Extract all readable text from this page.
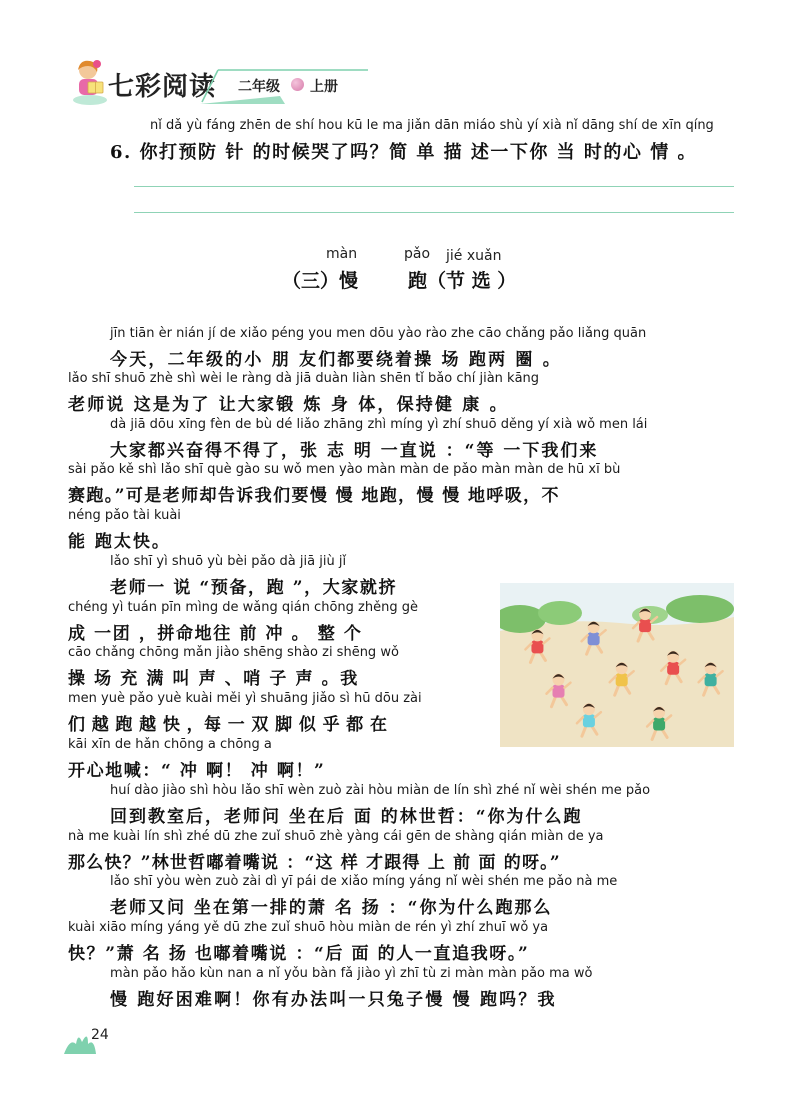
七彩阅读 二年级 上册
nǐ dǎ yù fáng zhēn de shí hou kū le ma jiǎn dān miáo shù yí xià nǐ dāng shí de xīn qíng
6. 你打预防 针 的时候哭了吗？简 单 描 述一下你 当 时的心 情 。
màn	pǎo jié xuǎn
（三）慢	跑（节 选 ）
jīn tiān èr nián jí de xiǎo péng you men dōu yào rào zhe cāo chǎng pǎo liǎng quān
今天，二年级的小 朋 友们都要绕着操 场 跑两 圈 。
lǎo shī shuō zhè shì wèi le ràng dà jiā duàn liàn shēn tǐ bǎo chí jiàn kāng
老师说 这是为了 让大家锻 炼 身 体，保持健 康 。
dà jiā dōu xīng fèn de bù dé liǎo zhāng zhì míng yì zhí shuō děng yí xià wǒ men lái
大家都兴奋得不得了，张 志 明 一直说 ：“等 一下我们来
sài pǎo kě shì lǎo shī què gào su wǒ men yào màn màn de pǎo màn màn de hū xī bù
赛跑。”可是老师却告诉我们要慢 慢 地跑，慢 慢 地呼吸，不
néng pǎo tài kuài
能 跑太快。
lǎo shī yì shuō yù bèi pǎo dà jiā jiù jǐ
老师一 说 “预备，跑 ”，大家就挤
chéng yì tuán pīn mìng de wǎng qián chōng zhěng gè
成 一团 ，拼命地往 前 冲 。 整 个
cāo chǎng chōng mǎn jiào shēng shào zi shēng wǒ
操 场 充 满 叫 声 、哨 子 声 。我
men yuè pǎo yuè kuài měi yì shuāng jiǎo sì hū dōu zài
们 越 跑 越 快 ，每 一 双 脚 似 乎 都 在
kāi xīn de hǎn chōng a chōng a
开心地喊：“ 冲 啊！ 冲 啊！”
huí dào jiào shì hòu lǎo shī wèn zuò zài hòu miàn de lín shì zhé nǐ wèi shén me pǎo
回到教室后，老师问 坐在后 面 的林世哲：“你为什么跑
nà me kuài lín shì zhé dū zhe zuǐ shuō zhè yàng cái gēn de shàng qián miàn de ya
那么快？”林世哲嘟着嘴说 ：“这 样 才跟得 上 前 面 的呀。”
lǎo shī yòu wèn zuò zài dì yī pái de xiǎo míng yáng nǐ wèi shén me pǎo nà me
老师又问 坐在第一排的萧 名 扬 ：“你为什么跑那么
kuài xiāo míng yáng yě dū zhe zuǐ shuō hòu miàn de rén yì zhí zhuī wǒ ya
快？”萧 名 扬 也嘟着嘴说 ：“后 面 的人一直追我呀。”
màn pǎo hǎo kùn nan a nǐ yǒu bàn fǎ jiào yì zhī tù zi màn màn pǎo ma wǒ
慢 跑好困难啊！你有办法叫一只兔子慢 慢 跑吗？我
24
